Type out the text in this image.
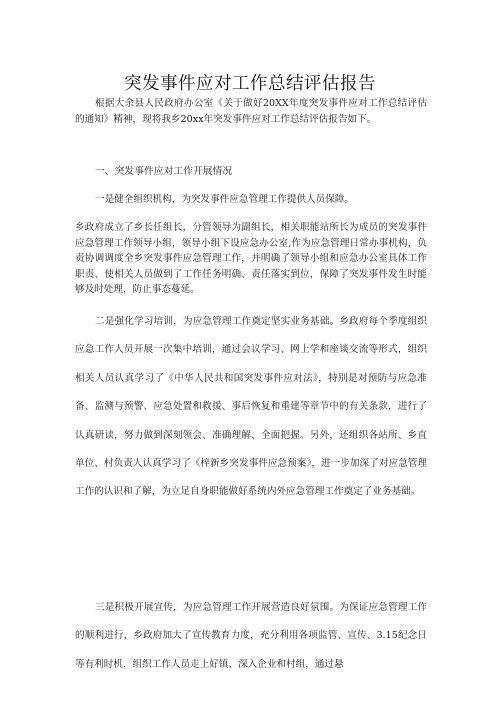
突发事件应对工作总结评估报告

根据大余县人民政府办公室《关于做好20XX年度突发事件应对工作总结评估的通知》精神，现将我乡20xx年突发事件应对工作总结评估报告如下。

一、突发事件应对工作开展情况

一是健全组织机构，为突发事件应急管理工作提供人员保障。

乡政府成立了乡长任组长，分管领导为副组长，相关职能站所长为成员的突发事件应急管理工作领导小组，领导小组下设应急办公室,作为应急管理日常办事机构，负责协调调度全乡突发事件应急管理工作，并明确了领导小组和应急办公室具体工作职责，使相关人员做到了工作任务明确、责任落实到位，保障了突发事件发生时能够及时处理，防止事态蔓延。

二是强化学习培训，为应急管理工作奠定坚实业务基础。乡政府每个季度组织应急工作人员开展一次集中培训，通过会议学习、网上学和座谈交流等形式，组织相关人员认真学习了《中华人民共和国突发事件应对法》，特别是对预防与应急准备、监测与预警、应急处置和救援、事后恢复和重建等章节中的有关条款，进行了认真研读，努力做到深刻领会、准确理解、全面把握。另外，还组织各站所、乡直单位、村负责人认真学习了《梓新乡突发事件应急预案》，进一步加深了对应急管理工作的认识和了解，为立足自身职能做好系统内外应急管理工作奠定了业务基础。

三是积极开展宣传，为应急管理工作开展营造良好氛围。为保证应急管理工作的顺利进行，乡政府加大了宣传教育力度，充分利用各项监管、宣传、3.15纪念日等有利时机，组织工作人员走上好镇、深入企业和村组，通过悬
